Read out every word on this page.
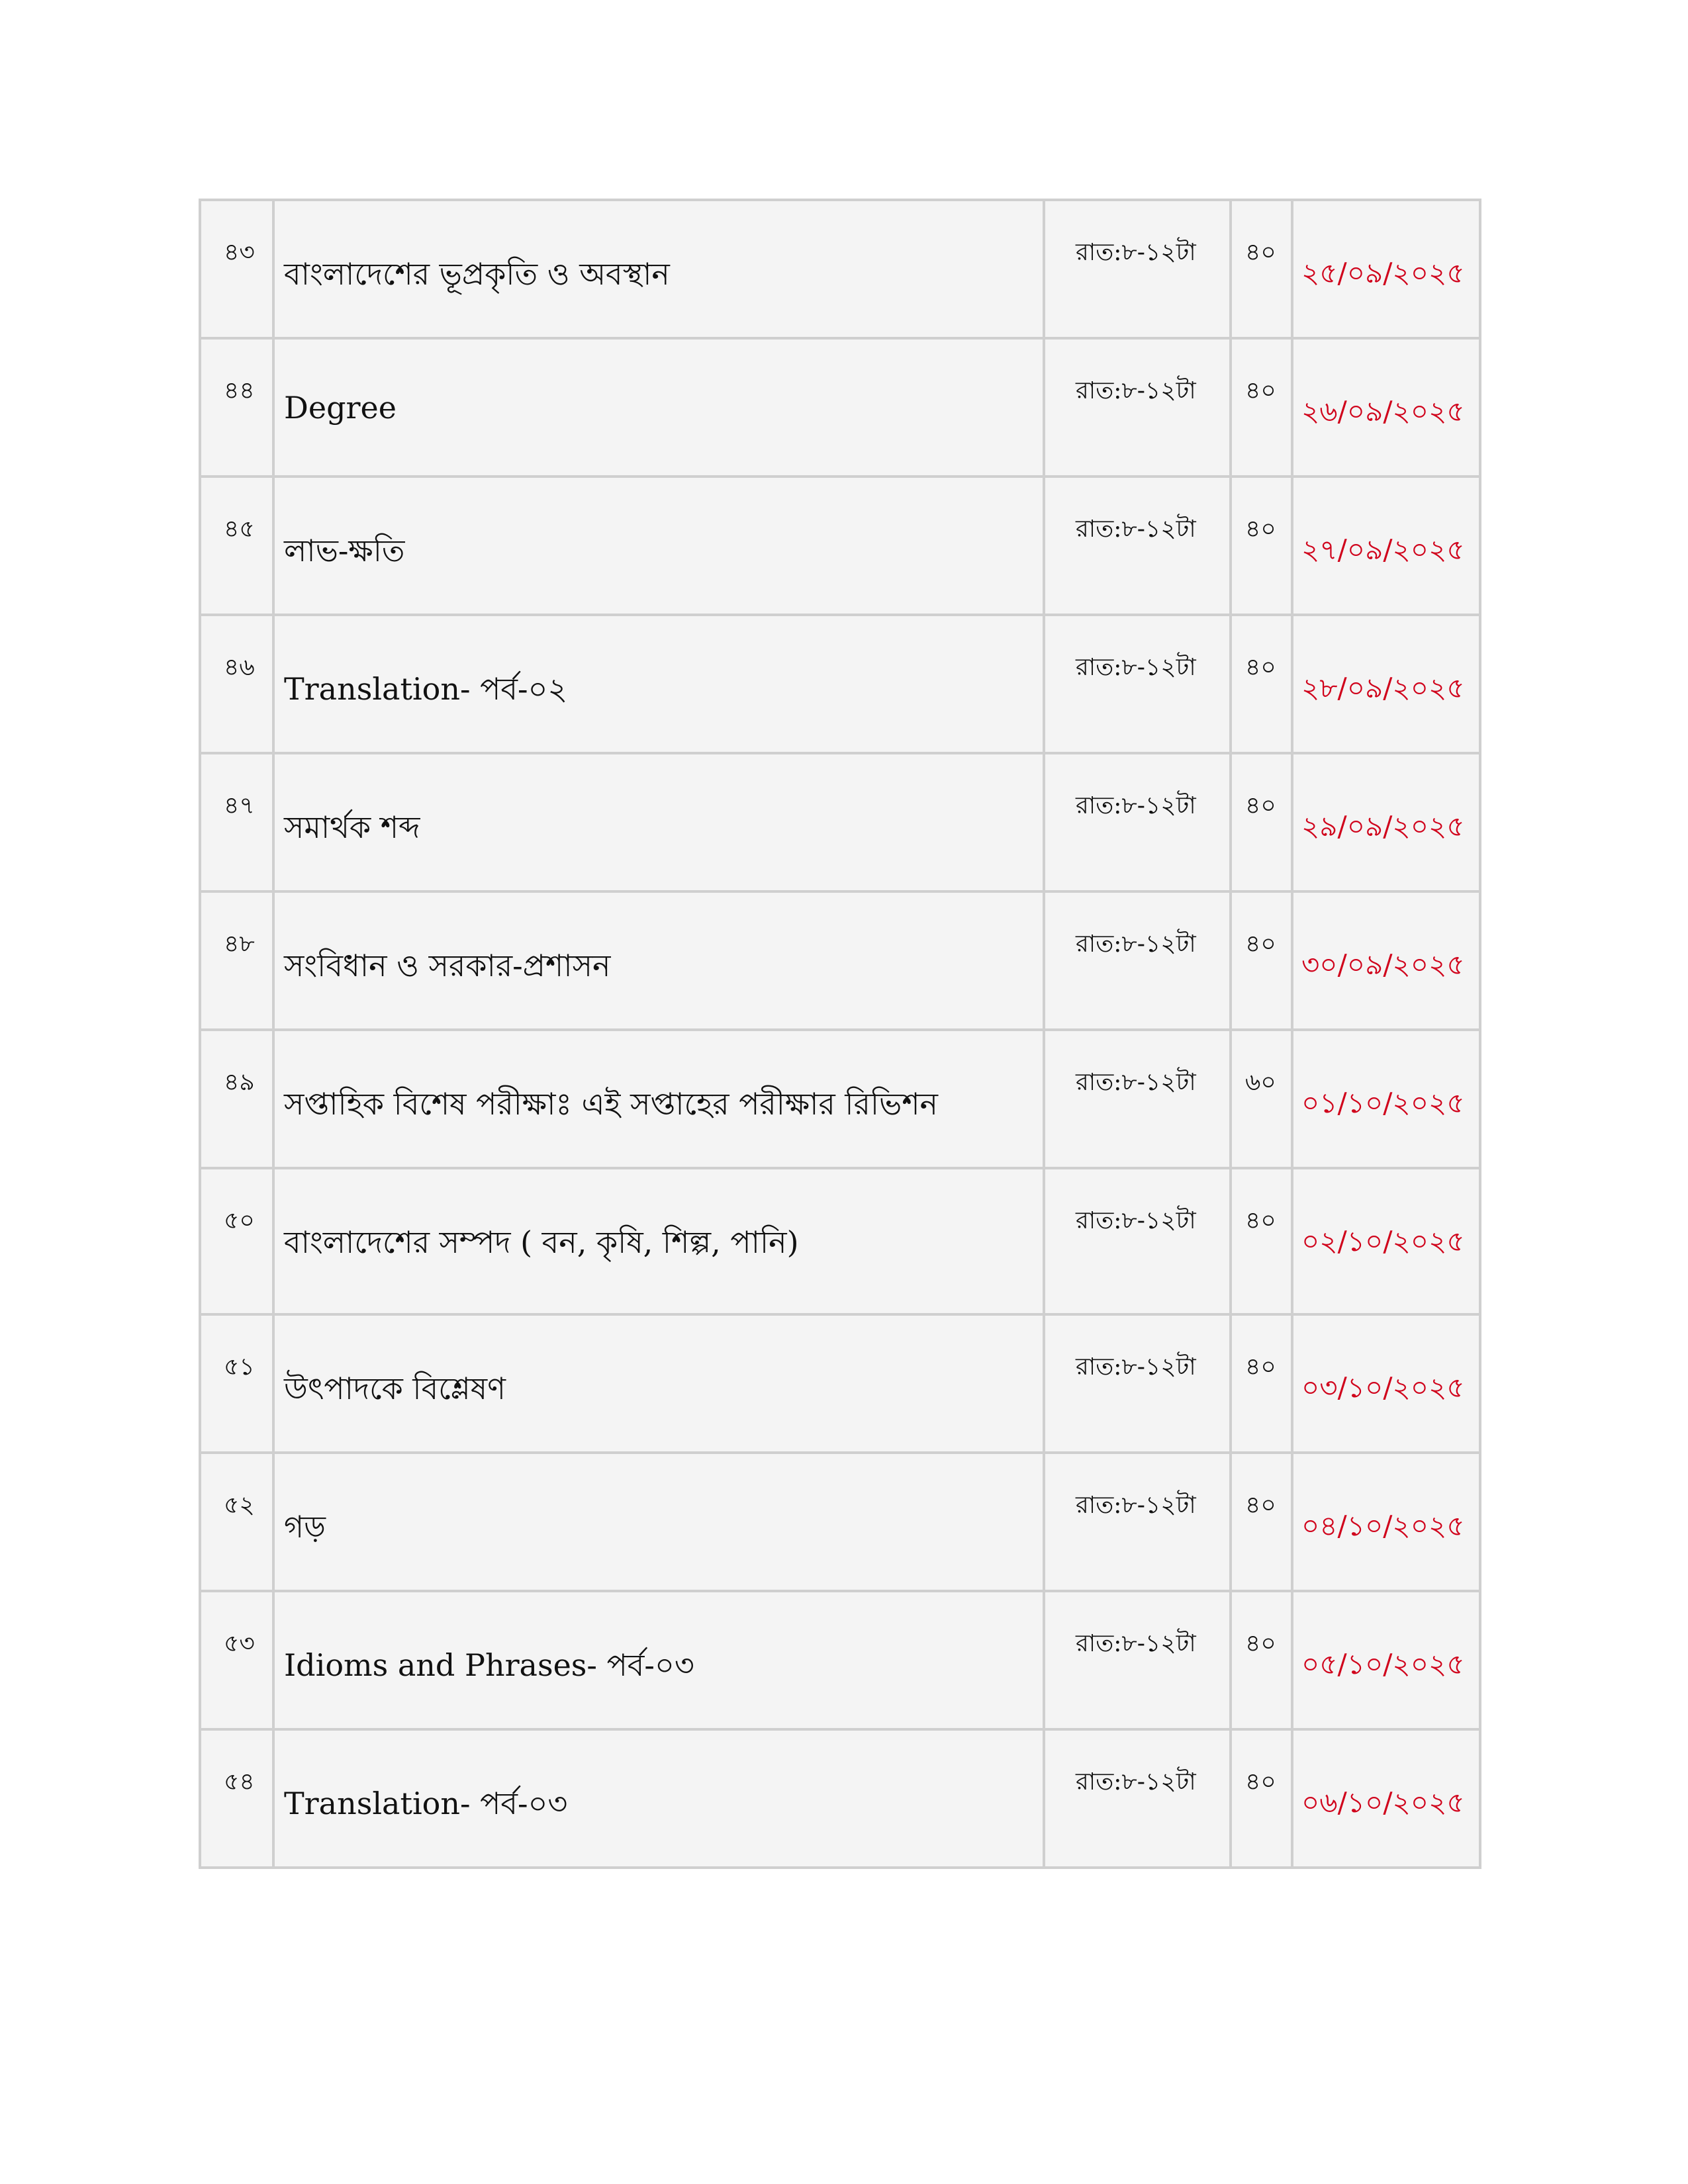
৪৩	বাংলাদেশের ভূপ্রকৃতি ও অবস্থান	রাত:৮-১২টা	৪০	২৫/০৯/২০২৫

৪৪	Degree	রাত:৮-১২টা	৪০	২৬/০৯/২০২৫

৪৫	লাভ-ক্ষতি	রাত:৮-১২টা	৪০	২৭/০৯/২০২৫

৪৬	Translation- পর্ব-০২	রাত:৮-১২টা	৪০	২৮/০৯/২০২৫

৪৭	সমার্থক শব্দ	রাত:৮-১২টা	৪০	২৯/০৯/২০২৫

৪৮	সংবিধান ও সরকার-প্রশাসন	রাত:৮-১২টা	৪০	৩০/০৯/২০২৫

৪৯	সপ্তাহিক বিশেষ পরীক্ষাঃ এই সপ্তাহের পরীক্ষার রিভিশন	রাত:৮-১২টা	৬০	০১/১০/২০২৫

৫০	বাংলাদেশের সম্পদ ( বন, কৃষি, শিল্প, পানি)	রাত:৮-১২টা	৪০	০২/১০/২০২৫

৫১	উৎপাদকে বিশ্লেষণ	রাত:৮-১২টা	৪০	০৩/১০/২০২৫

৫২	গড়	রাত:৮-১২টা	৪০	০৪/১০/২০২৫

৫৩	Idioms and Phrases- পর্ব-০৩	রাত:৮-১২টা	৪০	০৫/১০/২০২৫

৫৪	Translation- পর্ব-০৩	রাত:৮-১২টা	৪০	০৬/১০/২০২৫
